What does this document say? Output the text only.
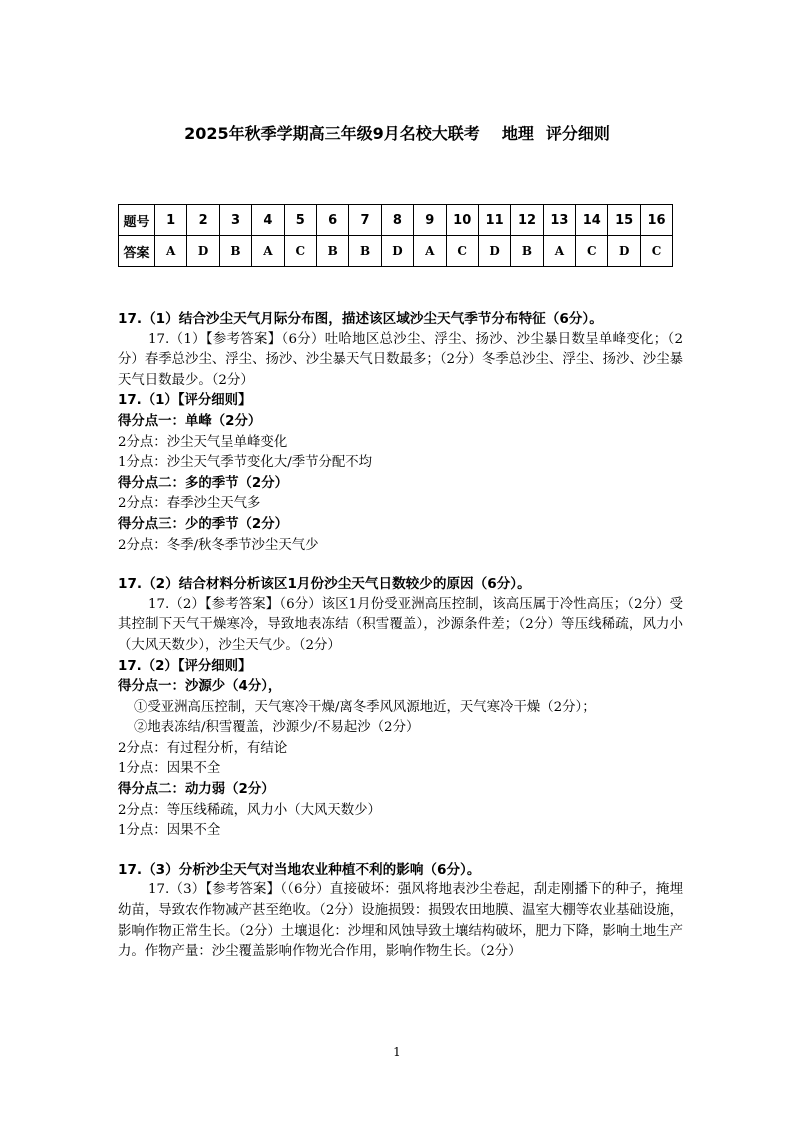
2025年秋季学期高三年级9月名校大联考 地理 评分细则
题号	1	2	3	4	5	6	7	8	9	10	11	12	13	14	15	16
答案	A	D	B	A	C	B	B	D	A	C	D	B	A	C	D	C
17.（1）结合沙尘天气月际分布图，描述该区域沙尘天气季节分布特征（6分）。
17.（1）【参考答案】（6分）吐哈地区总沙尘、浮尘、扬沙、沙尘暴日数呈单峰变化；（2分）春季总沙尘、浮尘、扬沙、沙尘暴天气日数最多；（2分）冬季总沙尘、浮尘、扬沙、沙尘暴天气日数最少。（2分）
17.（1）【评分细则】
得分点一：单峰（2分）
2分点：沙尘天气呈单峰变化
1分点：沙尘天气季节变化大/季节分配不均
得分点二：多的季节（2分）
2分点：春季沙尘天气多
得分点三：少的季节（2分）
2分点：冬季/秋冬季节沙尘天气少
17.（2）结合材料分析该区1月份沙尘天气日数较少的原因（6分）。
17.（2）【参考答案】（6分）该区1月份受亚洲高压控制，该高压属于冷性高压；（2分）受其控制下天气干燥寒冷，导致地表冻结（积雪覆盖），沙源条件差；（2分）等压线稀疏，风力小（大风天数少），沙尘天气少。（2分）
17.（2）【评分细则】
得分点一：沙源少（4分），
①受亚洲高压控制，天气寒冷干燥/离冬季风风源地近，天气寒冷干燥（2分）；
②地表冻结/积雪覆盖，沙源少/不易起沙（2分）
2分点：有过程分析，有结论
1分点：因果不全
得分点二：动力弱（2分）
2分点：等压线稀疏，风力小（大风天数少）
1分点：因果不全
17.（3）分析沙尘天气对当地农业种植不利的影响（6分）。
17.（3）【参考答案】（（6分）直接破坏：强风将地表沙尘卷起，刮走刚播下的种子，掩埋幼苗，导致农作物减产甚至绝收。（2分）设施损毁：损毁农田地膜、温室大棚等农业基础设施，影响作物正常生长。（2分）土壤退化：沙埋和风蚀导致土壤结构破坏，肥力下降，影响土地生产力。作物产量：沙尘覆盖影响作物光合作用，影响作物生长。（2分）
1
